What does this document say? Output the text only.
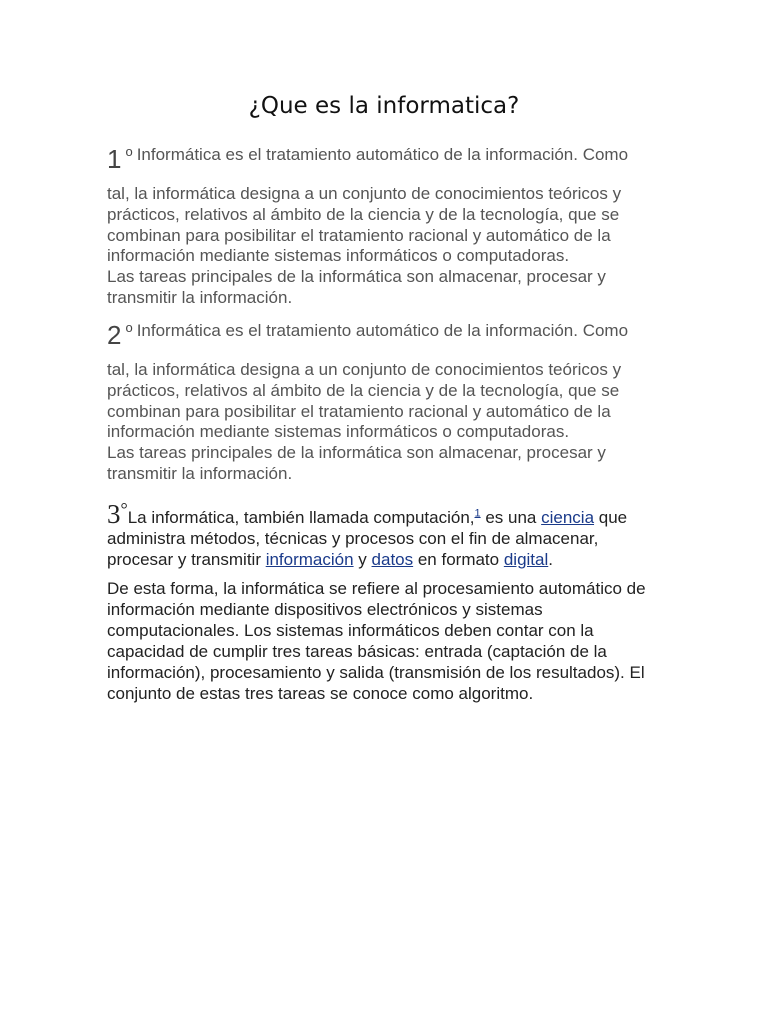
¿Que es la informatica?
1 o Informática es el tratamiento automático de la información. Como

tal, la informática designa a un conjunto de conocimientos teóricos y prácticos, relativos al ámbito de la ciencia y de la tecnología, que se combinan para posibilitar el tratamiento racional y automático de la información mediante sistemas informáticos o computadoras.

Las tareas principales de la informática son almacenar, procesar y transmitir la información.

2 o Informática es el tratamiento automático de la información. Como

tal, la informática designa a un conjunto de conocimientos teóricos y prácticos, relativos al ámbito de la ciencia y de la tecnología, que se combinan para posibilitar el tratamiento racional y automático de la información mediante sistemas informáticos o computadoras.

Las tareas principales de la informática son almacenar, procesar y transmitir la información.

3°La informática, también llamada computación,$^1$ es una ciencia que administra métodos, técnicas y procesos con el fin de almacenar, procesar y transmitir información y datos en formato digital.

De esta forma, la informática se refiere al procesamiento automático de información mediante dispositivos electrónicos y sistemas computacionales. Los sistemas informáticos deben contar con la capacidad de cumplir tres tareas básicas: entrada (captación de la información), procesamiento y salida (transmisión de los resultados). El conjunto de estas tres tareas se conoce como algoritmo.
